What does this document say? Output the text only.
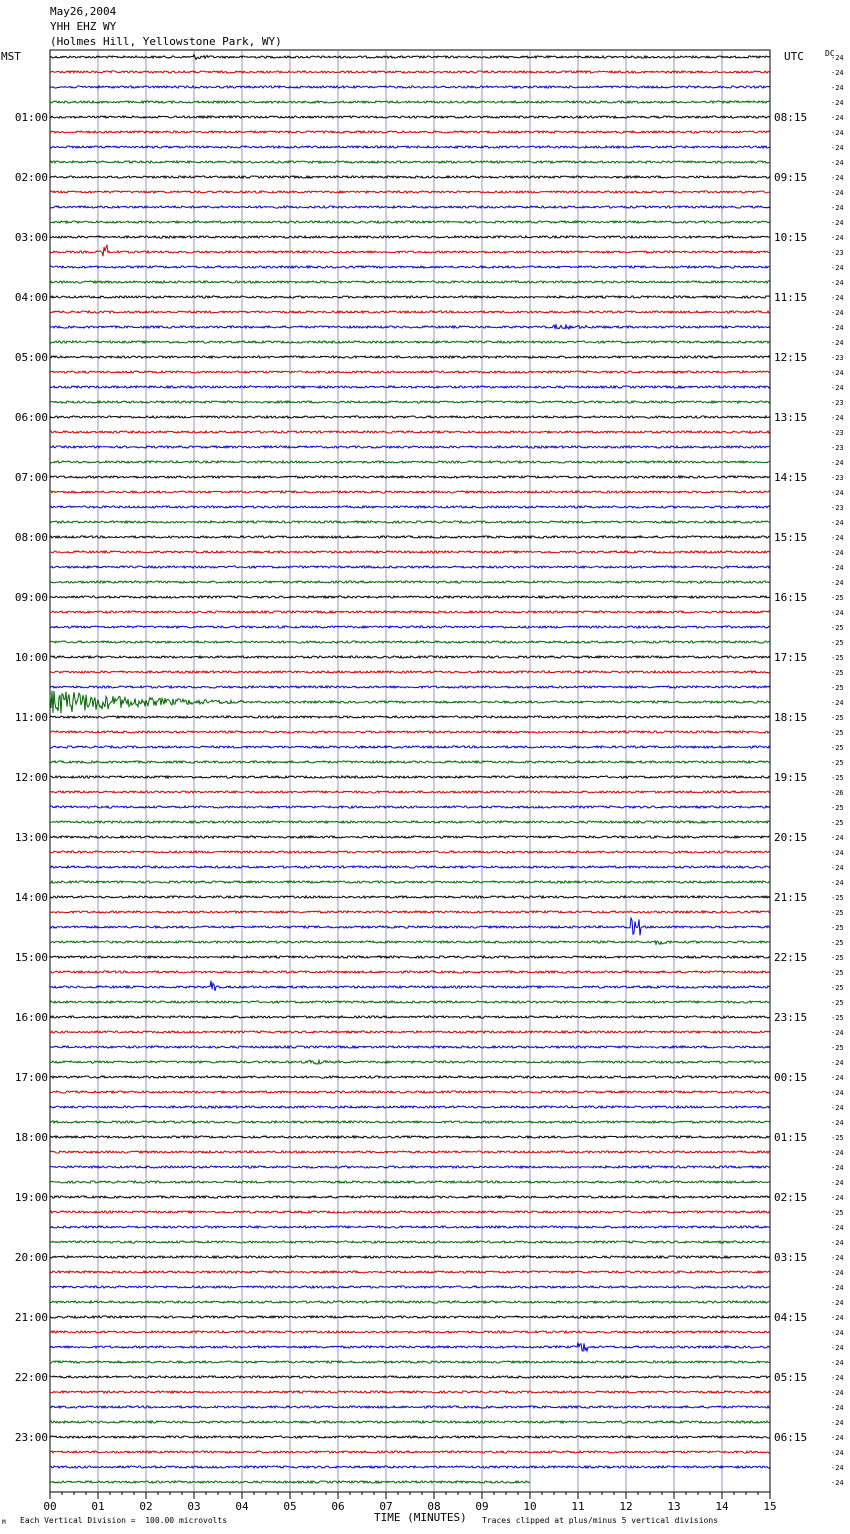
-24
-24
-24
-24
-24
-24
-24
-24
-24
-24
-24
-24
-24
-23
-24
-24
-24
-24
-24
-24
-23
-24
-24
-23
-24
-23
-23
-24
-23
-24
-23
-24
-24
-24
-24
-24
-25
-24
-25
-25
-25
-25
-25
-24
-25
-25
-25
-25
-25
-26
-25
-25
-24
-24
-24
-24
-25
-25
-25
-25
-25
-25
-25
-25
-25
-24
-25
-24
-24
-24
-24
-24
-25
-24
-24
-24
-24
-25
-24
-24
-24
-24
-24
-24
-24
-24
-24
-24
-24
-24
-24
-24
-24
-24
-24
-24
01:00
02:00
03:00
04:00
05:00
06:00
07:00
08:00
09:00
10:00
11:00
12:00
13:00
14:00
15:00
16:00
17:00
18:00
19:00
20:00
21:00
22:00
23:00
08:15
09:15
10:15
11:15
12:15
13:15
14:15
15:15
16:15
17:15
18:15
19:15
20:15
21:15
22:15
23:15
00:15
01:15
02:15
03:15
04:15
05:15
06:15
00	01	02	03	04	05	06	07	08	09	10	11	12	13	14	15
May26,2004
YHH EHZ WY
(Holmes Hill, Yellowstone Park, WY)
MST	UTC	DC
M Each Vertical Division =  100.00 microvolts	TIME (MINUTES) Traces clipped at plus/minus 5 vertical divisions
